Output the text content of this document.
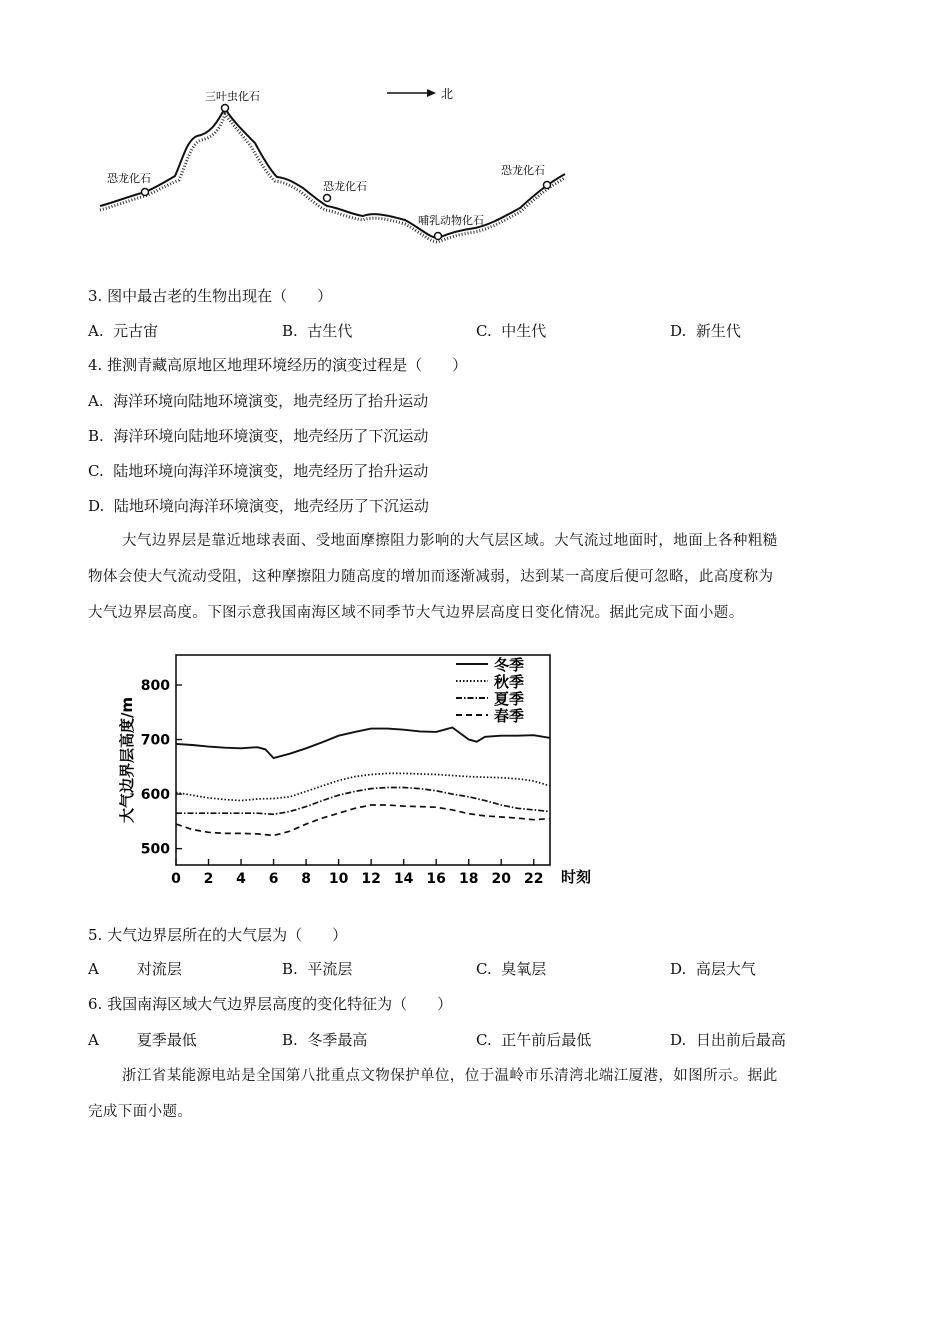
北
恐龙化石
三叶虫化石
恐龙化石
哺乳动物化石
恐龙化石
3. 图中最古老的生物出现在（　　）
A. 元古宙	B. 古生代	C. 中生代	D. 新生代
4. 推测青藏高原地区地理环境经历的演变过程是（　　）
A. 海洋环境向陆地环境演变，地壳经历了抬升运动
B. 海洋环境向陆地环境演变，地壳经历了下沉运动
C. 陆地环境向海洋环境演变，地壳经历了抬升运动
D. 陆地环境向海洋环境演变，地壳经历了下沉运动
大气边界层是靠近地球表面、受地面摩擦阻力影响的大气层区域。大气流过地面时，地面上各种粗糙
物体会使大气流动受阻，这种摩擦阻力随高度的增加而逐渐减弱，达到某一高度后便可忽略，此高度称为
大气边界层高度。下图示意我国南海区域不同季节大气边界层高度日变化情况。据此完成下面小题。
500
600
700
800
0 2 4 6 8 10 12 14 16 18 20 22
冬季
秋季
夏季
春季
大气边界层高度/m
时刻
5. 大气边界层所在的大气层为（　　）
A	对流层	B. 平流层	C. 臭氧层	D. 高层大气
6. 我国南海区域大气边界层高度的变化特征为（　　）
A	夏季最低	B. 冬季最高	C. 正午前后最低	D. 日出前后最高
浙江省某能源电站是全国第八批重点文物保护单位，位于温岭市乐清湾北端江厦港，如图所示。据此
完成下面小题。
